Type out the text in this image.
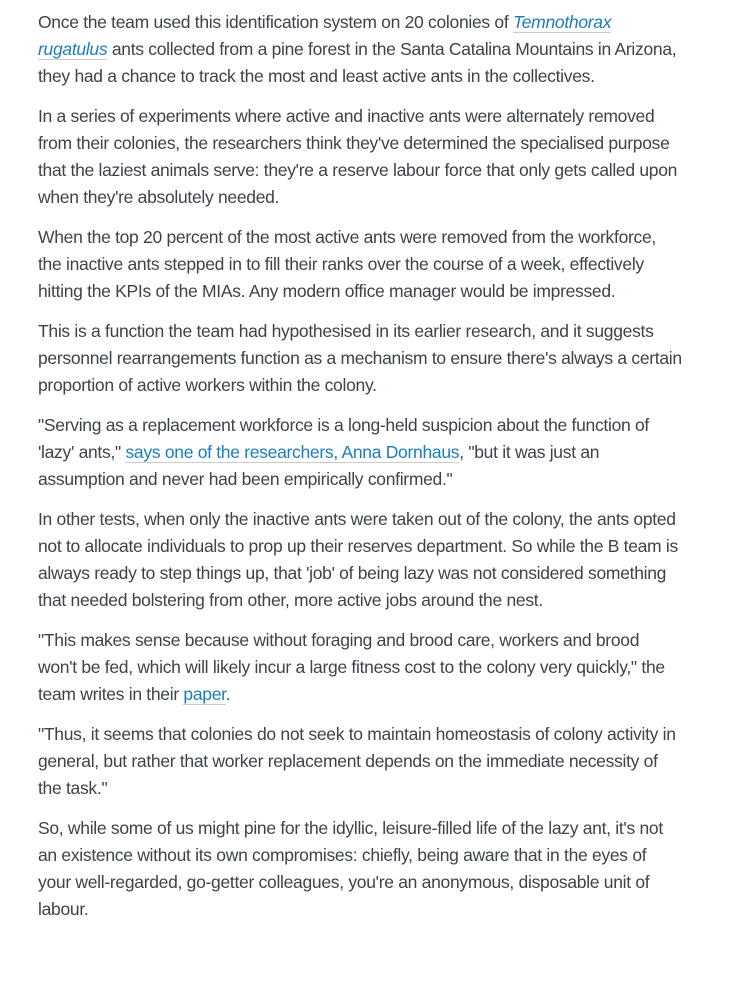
Once the team used this identification system on 20 colonies of Temnothorax rugatulus ants collected from a pine forest in the Santa Catalina Mountains in Arizona, they had a chance to track the most and least active ants in the collectives.

In a series of experiments where active and inactive ants were alternately removed from their colonies, the researchers think they've determined the specialised purpose that the laziest animals serve: they're a reserve labour force that only gets called upon when they're absolutely needed.

When the top 20 percent of the most active ants were removed from the workforce, the inactive ants stepped in to fill their ranks over the course of a week, effectively hitting the KPIs of the MIAs. Any modern office manager would be impressed.

This is a function the team had hypothesised in its earlier research, and it suggests personnel rearrangements function as a mechanism to ensure there's always a certain proportion of active workers within the colony.

"Serving as a replacement workforce is a long-held suspicion about the function of 'lazy' ants," says one of the researchers, Anna Dornhaus, "but it was just an assumption and never had been empirically confirmed."

In other tests, when only the inactive ants were taken out of the colony, the ants opted not to allocate individuals to prop up their reserves department. So while the B team is always ready to step things up, that 'job' of being lazy was not considered something that needed bolstering from other, more active jobs around the nest.

"This makes sense because without foraging and brood care, workers and brood won't be fed, which will likely incur a large fitness cost to the colony very quickly," the team writes in their paper.

"Thus, it seems that colonies do not seek to maintain homeostasis of colony activity in general, but rather that worker replacement depends on the immediate necessity of the task."

So, while some of us might pine for the idyllic, leisure-filled life of the lazy ant, it's not an existence without its own compromises: chiefly, being aware that in the eyes of your well-regarded, go-getter colleagues, you're an anonymous, disposable unit of labour.
